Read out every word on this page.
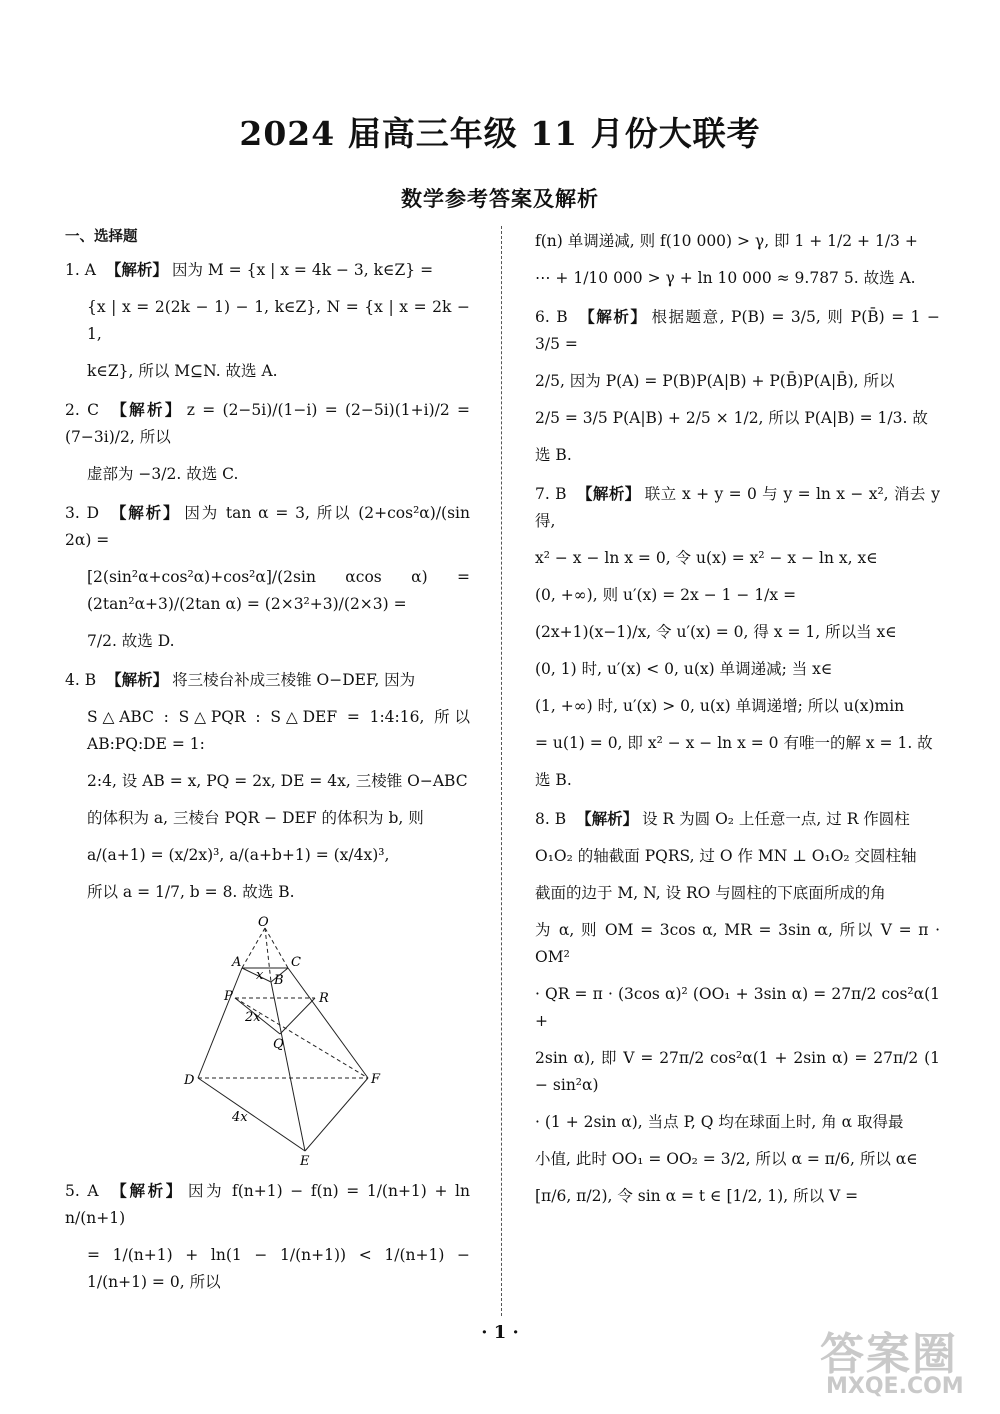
2024 届高三年级 11 月份大联考
数学参考答案及解析
一、选择题

1. A 【解析】 因为 M = {x | x = 4k − 3, k∈Z} =

{x | x = 2(2k − 1) − 1, k∈Z}, N = {x | x = 2k − 1,

k∈Z}, 所以 M⊆N. 故选 A.

2. C 【解析】 z = (2−5i)/(1−i) = (2−5i)(1+i)/2 = (7−3i)/2, 所以

虚部为 −3/2. 故选 C.

3. D 【解析】 因为 tan α = 3, 所以 (2+cos²α)/(sin 2α) =

[2(sin²α+cos²α)+cos²α]/(2sin αcos α) = (2tan²α+3)/(2tan α) = (2×3²+3)/(2×3) =

7/2. 故选 D.

4. B 【解析】 将三棱台补成三棱锥 O−DEF, 因为

S△ABC : S△PQR : S△DEF = 1:4:16, 所以 AB:PQ:DE = 1:

2:4, 设 AB = x, PQ = 2x, DE = 4x, 三棱锥 O−ABC

的体积为 a, 三棱台 PQR − DEF 的体积为 b, 则

a/(a+1) = (x/2x)³, a/(a+b+1) = (x/4x)³,

所以 a = 1/7, b = 8. 故选 B.

O
A	C
B
P	R
Q
D	F
E
x
2x
4x

5. A 【解析】 因为 f(n+1) − f(n) = 1/(n+1) + ln n/(n+1)

= 1/(n+1) + ln(1 − 1/(n+1)) < 1/(n+1) − 1/(n+1) = 0, 所以

f(n) 单调递减, 则 f(10 000) > γ, 即 1 + 1/2 + 1/3 +

⋯ + 1/10 000 > γ + ln 10 000 ≈ 9.787 5. 故选 A.

6. B 【解析】 根据题意, P(B) = 3/5, 则 P(B̄) = 1 − 3/5 =

2/5, 因为 P(A) = P(B)P(A|B) + P(B̄)P(A|B̄), 所以

2/5 = 3/5 P(A|B) + 2/5 × 1/2, 所以 P(A|B) = 1/3. 故

选 B.

7. B 【解析】 联立 x + y = 0 与 y = ln x − x², 消去 y 得,

x² − x − ln x = 0, 令 u(x) = x² − x − ln x, x∈

(0, +∞), 则 u′(x) = 2x − 1 − 1/x =

(2x+1)(x−1)/x, 令 u′(x) = 0, 得 x = 1, 所以当 x∈

(0, 1) 时, u′(x) < 0, u(x) 单调递减; 当 x∈

(1, +∞) 时, u′(x) > 0, u(x) 单调递增; 所以 u(x)min

= u(1) = 0, 即 x² − x − ln x = 0 有唯一的解 x = 1. 故

选 B.

8. B 【解析】 设 R 为圆 O₂ 上任意一点, 过 R 作圆柱

O₁O₂ 的轴截面 PQRS, 过 O 作 MN ⊥ O₁O₂ 交圆柱轴

截面的边于 M, N, 设 RO 与圆柱的下底面所成的角

为 α, 则 OM = 3cos α, MR = 3sin α, 所以 V = π · OM²

· QR = π · (3cos α)² (OO₁ + 3sin α) = 27π/2 cos²α(1 +

2sin α), 即 V = 27π/2 cos²α(1 + 2sin α) = 27π/2 (1 − sin²α)

· (1 + 2sin α), 当点 P, Q 均在球面上时, 角 α 取得最

小值, 此时 OO₁ = OO₂ = 3/2, 所以 α = π/6, 所以 α∈

[π/6, π/2), 令 sin α = t ∈ [1/2, 1), 所以 V =

· 1 ·	答案圈
MXQE.COM
